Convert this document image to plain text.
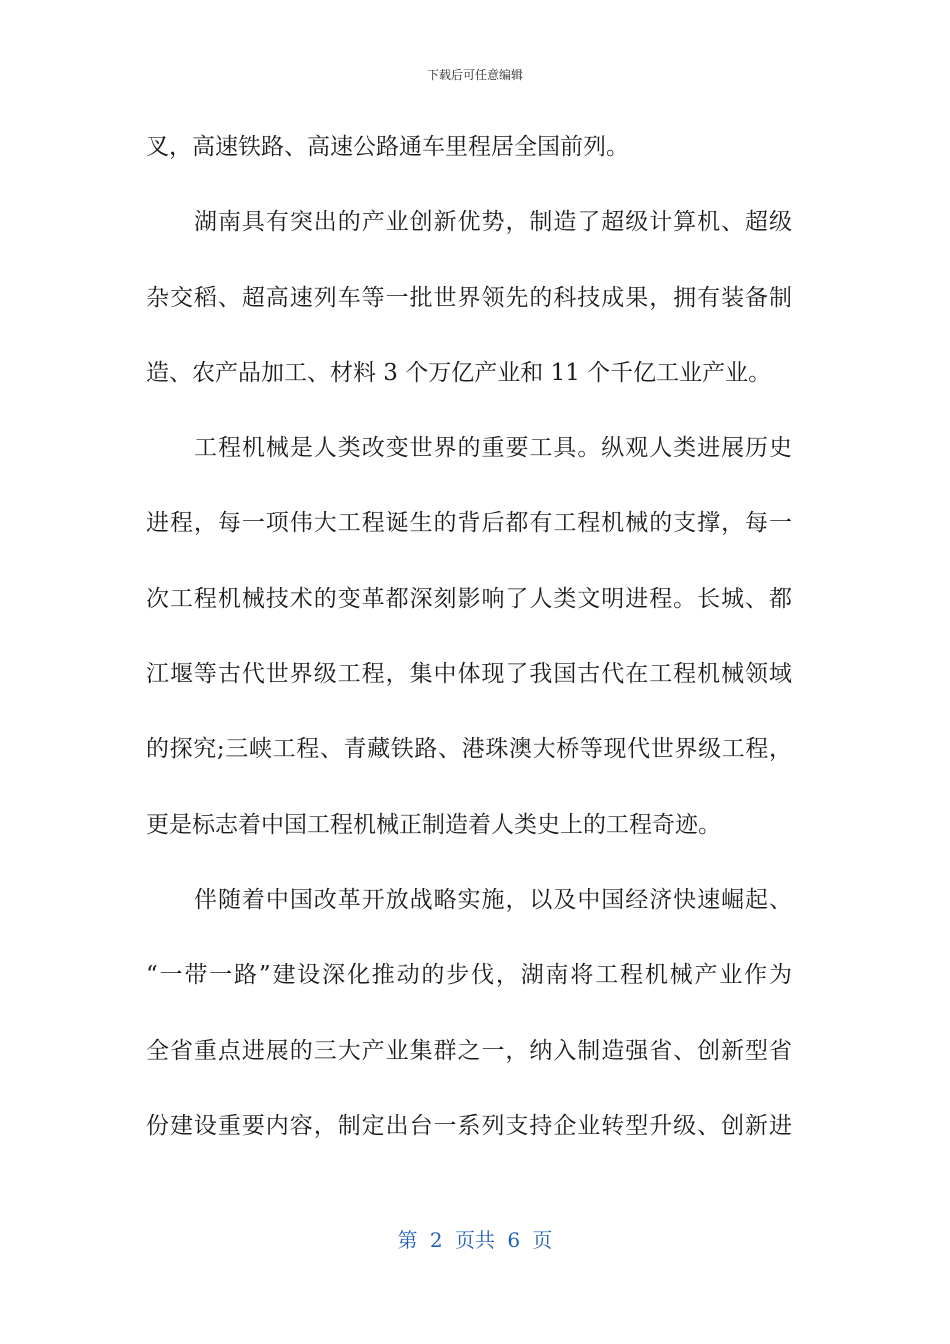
下载后可任意编辑
叉，高速铁路、高速公路通车里程居全国前列。
湖南具有突出的产业创新优势，制造了超级计算机、超级
杂交稻、超高速列车等一批世界领先的科技成果，拥有装备制
造、农产品加工、材料 3 个万亿产业和 11 个千亿工业产业。
工程机械是人类改变世界的重要工具。纵观人类进展历史
进程，每一项伟大工程诞生的背后都有工程机械的支撑，每一
次工程机械技术的变革都深刻影响了人类文明进程。长城、都
江堰等古代世界级工程，集中体现了我国古代在工程机械领域
的探究;三峡工程、青藏铁路、港珠澳大桥等现代世界级工程，
更是标志着中国工程机械正制造着人类史上的工程奇迹。
伴随着中国改革开放战略实施，以及中国经济快速崛起、
“一带一路”建设深化推动的步伐，湖南将工程机械产业作为
全省重点进展的三大产业集群之一，纳入制造强省、创新型省
份建设重要内容，制定出台一系列支持企业转型升级、创新进
第 2 页共 6 页
